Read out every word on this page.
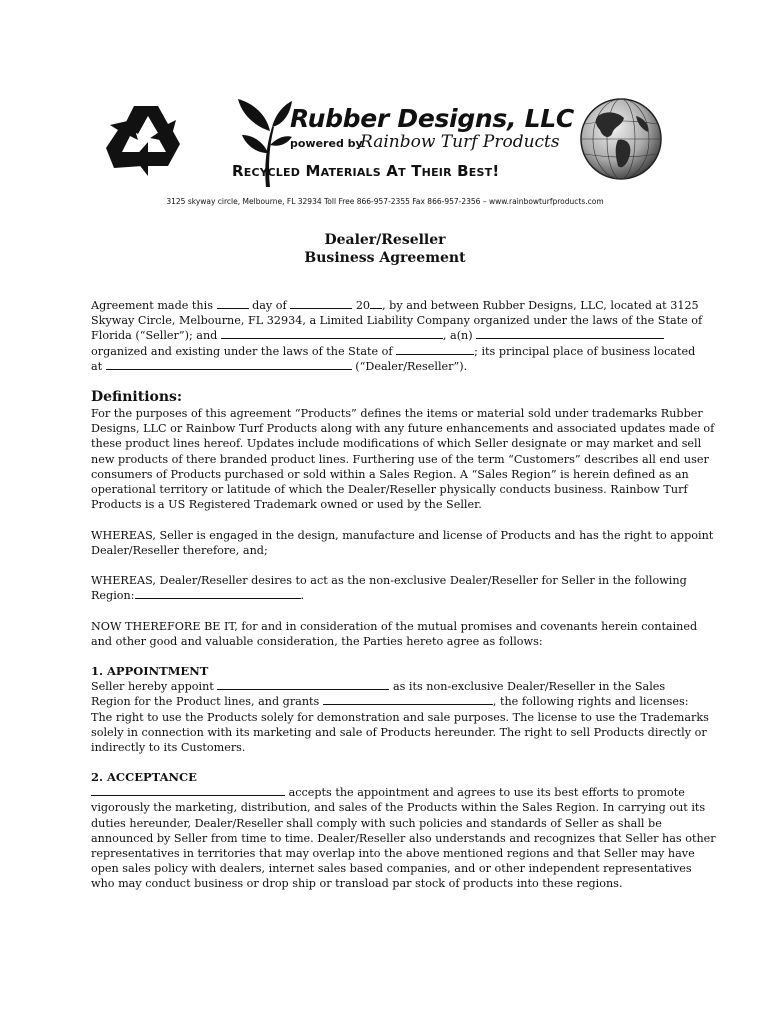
Rubber Designs, LLC
powered by
Rainbow Turf Products
Recycled Materials At Their Best!
3125 skyway circle, Melbourne, FL 32934 Toll Free 866-957-2355 Fax 866-957-2356 – www.rainbowturfproducts.com
Dealer/Reseller
Business Agreement
Agreement made this	day of	20 , by and between Rubber Designs, LLC, located at 3125
Skyway Circle, Melbourne, FL 32934, a Limited Liability Company organized under the laws of the State of
Florida (“Seller”); and	, a(n)
organized and existing under the laws of the State of	; its principal place of business located
at	(“Dealer/Reseller”).
Definitions:
For the purposes of this agreement “Products” defines the items or material sold under trademarks Rubber
Designs, LLC or Rainbow Turf Products along with any future enhancements and associated updates made of
these product lines hereof. Updates include modifications of which Seller designate or may market and sell
new products of there branded product lines. Furthering use of the term “Customers” describes all end user
consumers of Products purchased or sold within a Sales Region. A “Sales Region” is herein defined as an
operational territory or latitude of which the Dealer/Reseller physically conducts business. Rainbow Turf
Products is a US Registered Trademark owned or used by the Seller.
WHEREAS, Seller is engaged in the design, manufacture and license of Products and has the right to appoint
Dealer/Reseller therefore, and;
WHEREAS, Dealer/Reseller desires to act as the non-exclusive Dealer/Reseller for Seller in the following
Region:	.
NOW THEREFORE BE IT, for and in consideration of the mutual promises and covenants herein contained
and other good and valuable consideration, the Parties hereto agree as follows:
1. APPOINTMENT
Seller hereby appoint	as its non-exclusive Dealer/Reseller in the Sales
Region for the Product lines, and grants	, the following rights and licenses:
The right to use the Products solely for demonstration and sale purposes. The license to use the Trademarks
solely in connection with its marketing and sale of Products hereunder. The right to sell Products directly or
indirectly to its Customers.
2. ACCEPTANCE
accepts the appointment and agrees to use its best efforts to promote
vigorously the marketing, distribution, and sales of the Products within the Sales Region. In carrying out its
duties hereunder, Dealer/Reseller shall comply with such policies and standards of Seller as shall be
announced by Seller from time to time. Dealer/Reseller also understands and recognizes that Seller has other
representatives in territories that may overlap into the above mentioned regions and that Seller may have
open sales policy with dealers, internet sales based companies, and or other independent representatives
who may conduct business or drop ship or transload par stock of products into these regions.
